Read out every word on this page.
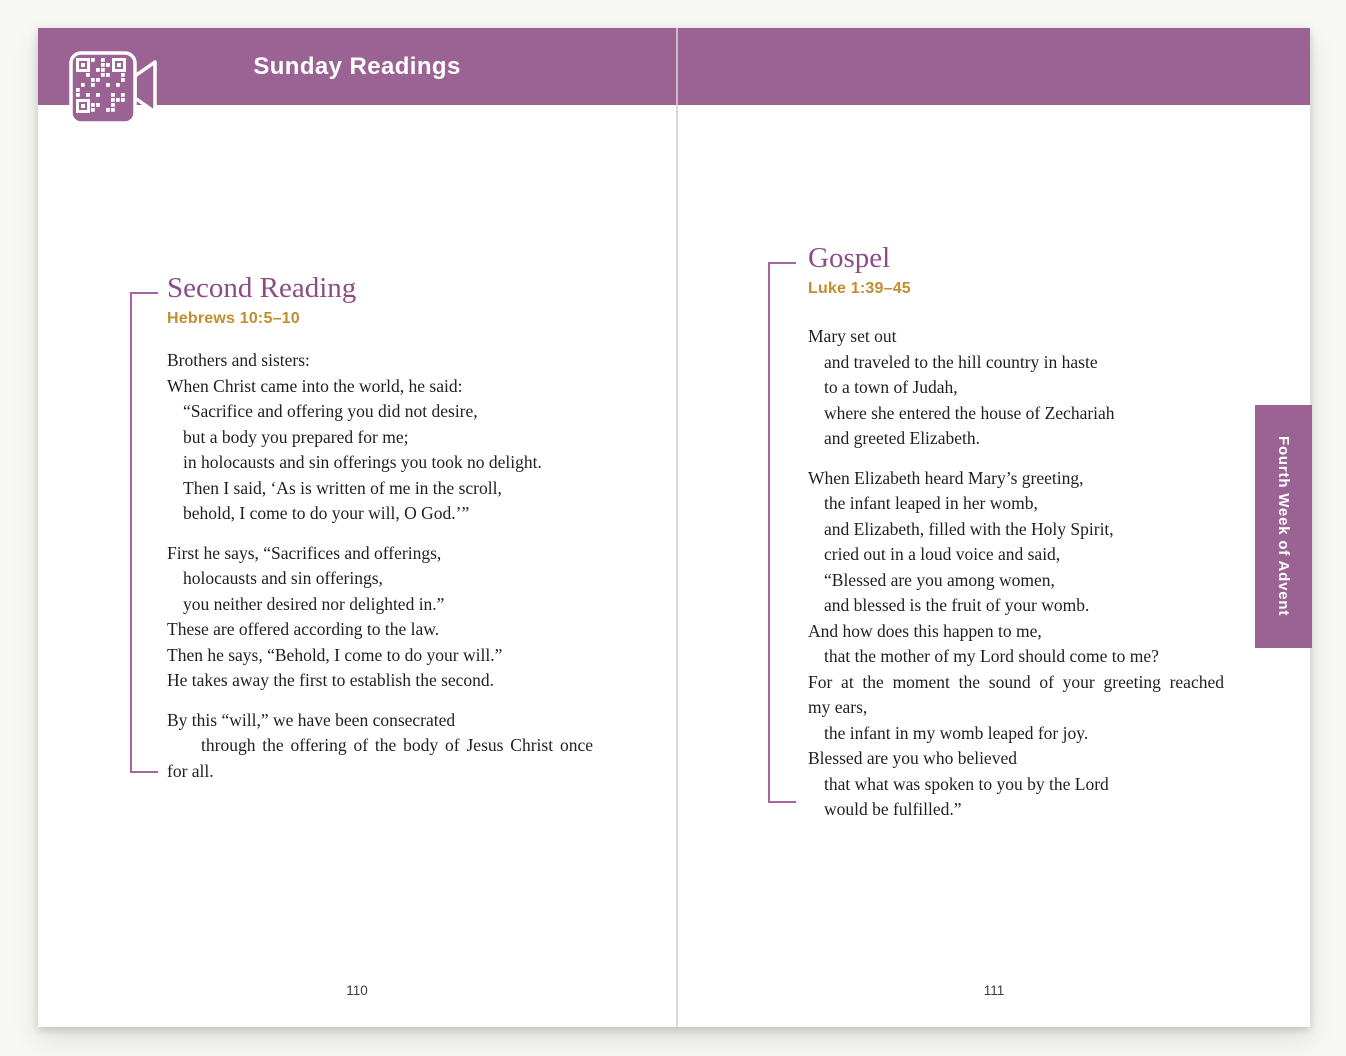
Sunday Readings
Second Reading
Hebrews 10:5–10
Brothers and sisters:
When Christ came into the world, he said:
“Sacrifice and offering you did not desire,
but a body you prepared for me;
in holocausts and sin offerings you took no delight.
Then I said, ‘As is written of me in the scroll,
behold, I come to do your will, O God.’”
First he says, “Sacrifices and offerings,
holocausts and sin offerings,
you neither desired nor delighted in.”
These are offered according to the law.
Then he says, “Behold, I come to do your will.”
He takes away the first to establish the second.
By this “will,” we have been consecrated
through the offering of the body of Jesus Christ once
for all.
110
Gospel
Luke 1:39–45
Mary set out
and traveled to the hill country in haste
to a town of Judah,
where she entered the house of Zechariah
and greeted Elizabeth.
When Elizabeth heard Mary’s greeting,
the infant leaped in her womb,
and Elizabeth, filled with the Holy Spirit,
cried out in a loud voice and said,
“Blessed are you among women,
and blessed is the fruit of your womb.
And how does this happen to me,
that the mother of my Lord should come to me?
For at the moment the sound of your greeting reached
my ears,
the infant in my womb leaped for joy.
Blessed are you who believed
that what was spoken to you by the Lord
would be fulfilled.”
111
Fourth Week of Advent
